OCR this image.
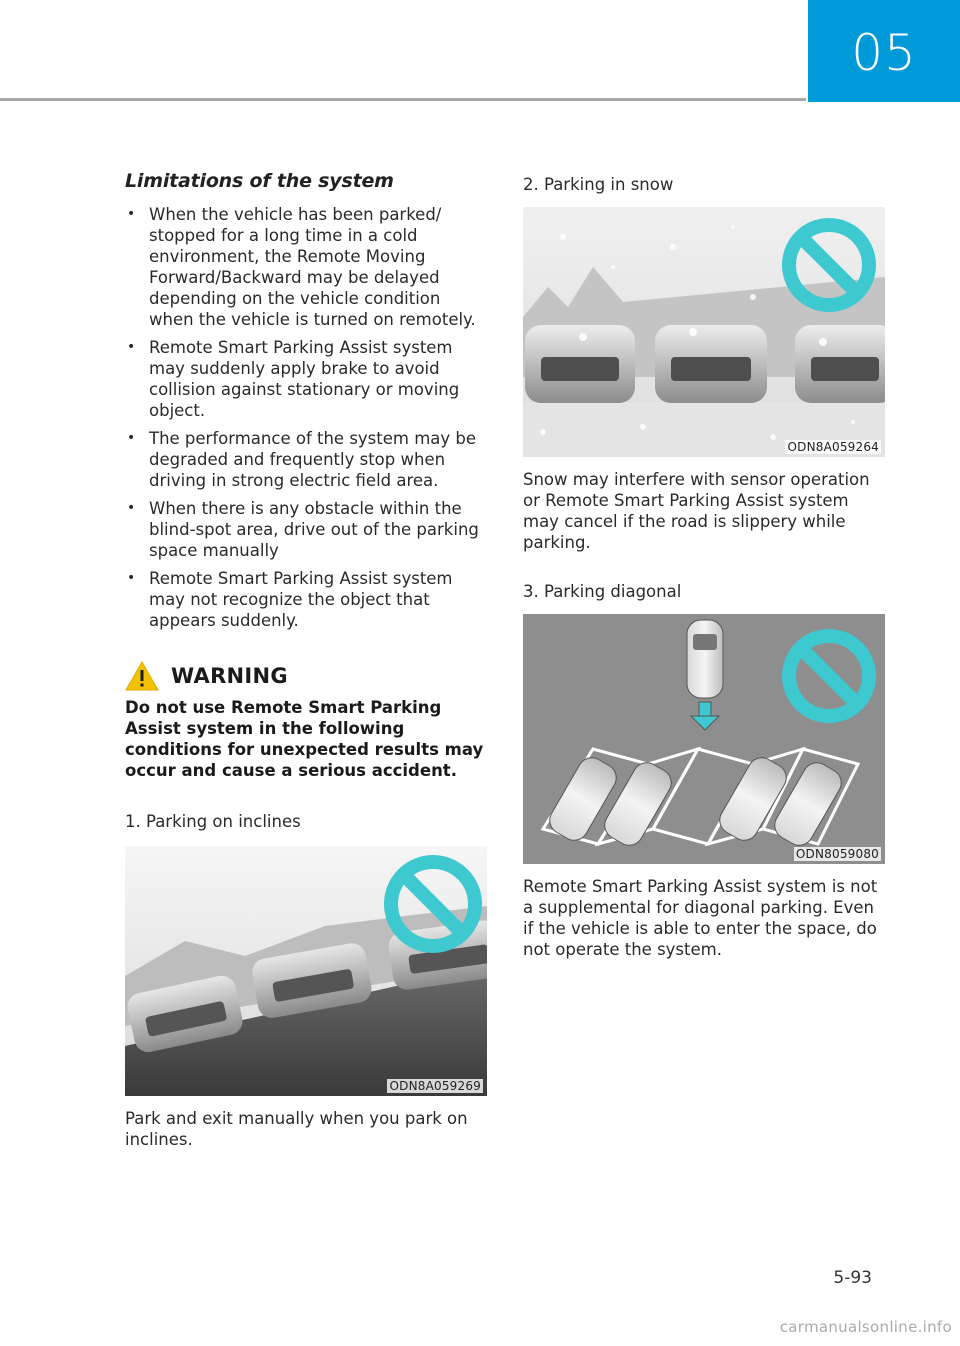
05
Limitations of the system
• When the vehicle has been parked/ stopped for a long time in a cold environment, the Remote Moving Forward/Backward may be delayed depending on the vehicle condition when the vehicle is turned on remotely.
• Remote Smart Parking Assist system may suddenly apply brake to avoid collision against stationary or moving object.
• The performance of the system may be degraded and frequently stop when driving in strong electric field area.
• When there is any obstacle within the blind-spot area, drive out of the parking space manually
• Remote Smart Parking Assist system may not recognize the object that appears suddenly.
WARNING
Do not use Remote Smart Parking Assist system in the following conditions for unexpected results may occur and cause a serious accident.
1. Parking on inclines
ODN8A059269
Park and exit manually when you park on inclines.
2. Parking in snow
ODN8A059264
Snow may interfere with sensor operation or Remote Smart Parking Assist system may cancel if the road is slippery while parking.
3. Parking diagonal
ODN8059080
Remote Smart Parking Assist system is not a supplemental for diagonal parking. Even if the vehicle is able to enter the space, do not operate the system.
5-93
carmanualsonline.info
